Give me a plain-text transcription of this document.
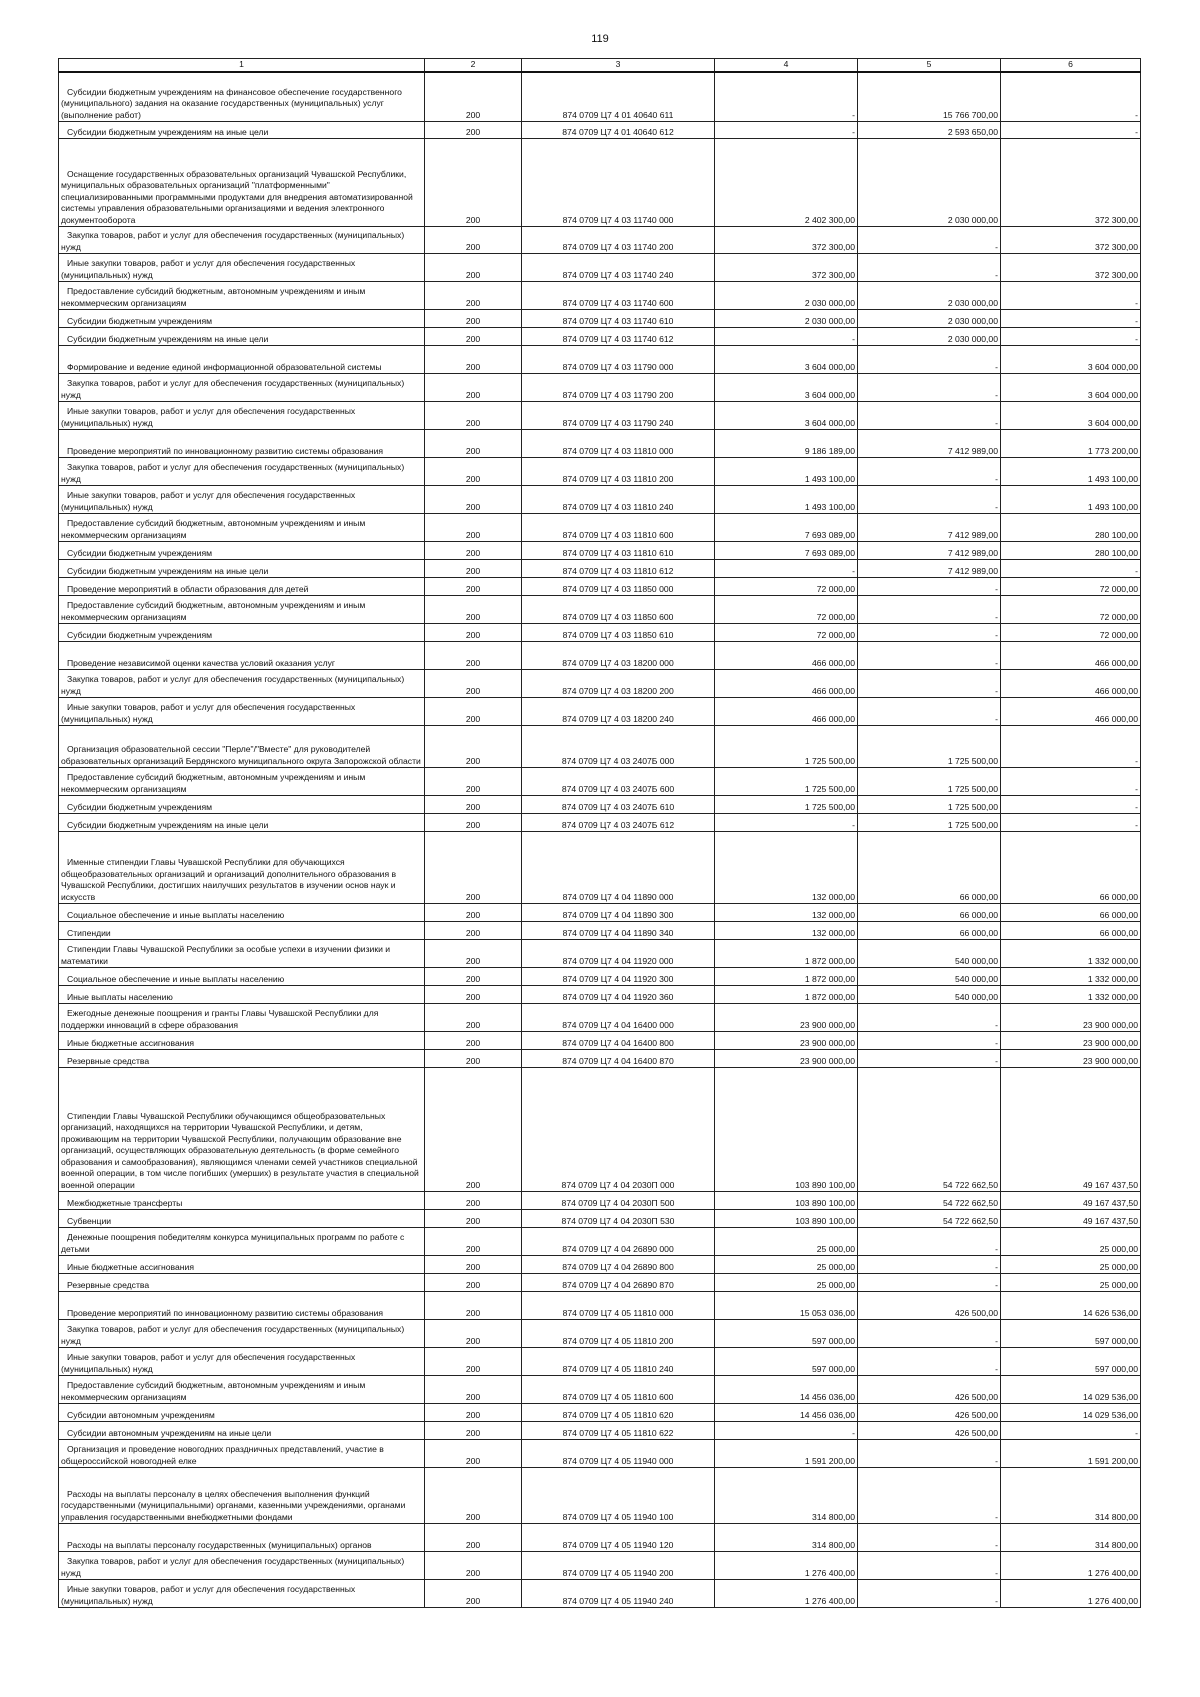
119
1	2	3	4	5	6

Субсидии бюджетным учреждениям на финансовое обеспечение государственного (муниципального) задания на оказание государственных (муниципальных) услуг (выполнение работ)	200	874 0709 Ц7 4 01 40640 611	-	15 766 700,00	-

Субсидии бюджетным учреждениям на иные цели	200	874 0709 Ц7 4 01 40640 612	-	2 593 650,00	-

Оснащение государственных образовательных организаций Чувашской Республики, муниципальных образовательных организаций "платформенными" специализированными программными продуктами для внедрения автоматизированной системы управления образовательными организациями и ведения электронного документооборота	200	874 0709 Ц7 4 03 11740 000	2 402 300,00	2 030 000,00	372 300,00

Закупка товаров, работ и услуг для обеспечения государственных (муниципальных) нужд	200	874 0709 Ц7 4 03 11740 200	372 300,00	-	372 300,00

Иные закупки товаров, работ и услуг для обеспечения государственных (муниципальных) нужд	200	874 0709 Ц7 4 03 11740 240	372 300,00	-	372 300,00

Предоставление субсидий бюджетным, автономным учреждениям и иным некоммерческим организациям	200	874 0709 Ц7 4 03 11740 600	2 030 000,00	2 030 000,00	-

Субсидии бюджетным учреждениям	200	874 0709 Ц7 4 03 11740 610	2 030 000,00	2 030 000,00	-

Субсидии бюджетным учреждениям на иные цели	200	874 0709 Ц7 4 03 11740 612	-	2 030 000,00	-

Формирование и ведение единой информационной образовательной системы	200	874 0709 Ц7 4 03 11790 000	3 604 000,00	-	3 604 000,00

Закупка товаров, работ и услуг для обеспечения государственных (муниципальных) нужд	200	874 0709 Ц7 4 03 11790 200	3 604 000,00	-	3 604 000,00

Иные закупки товаров, работ и услуг для обеспечения государственных (муниципальных) нужд	200	874 0709 Ц7 4 03 11790 240	3 604 000,00	-	3 604 000,00

Проведение мероприятий по инновационному развитию системы образования	200	874 0709 Ц7 4 03 11810 000	9 186 189,00	7 412 989,00	1 773 200,00

Закупка товаров, работ и услуг для обеспечения государственных (муниципальных) нужд	200	874 0709 Ц7 4 03 11810 200	1 493 100,00	-	1 493 100,00

Иные закупки товаров, работ и услуг для обеспечения государственных (муниципальных) нужд	200	874 0709 Ц7 4 03 11810 240	1 493 100,00	-	1 493 100,00

Предоставление субсидий бюджетным, автономным учреждениям и иным некоммерческим организациям	200	874 0709 Ц7 4 03 11810 600	7 693 089,00	7 412 989,00	280 100,00

Субсидии бюджетным учреждениям	200	874 0709 Ц7 4 03 11810 610	7 693 089,00	7 412 989,00	280 100,00

Субсидии бюджетным учреждениям на иные цели	200	874 0709 Ц7 4 03 11810 612	-	7 412 989,00	-

Проведение мероприятий в области образования для детей	200	874 0709 Ц7 4 03 11850 000	72 000,00	-	72 000,00

Предоставление субсидий бюджетным, автономным учреждениям и иным некоммерческим организациям	200	874 0709 Ц7 4 03 11850 600	72 000,00	-	72 000,00

Субсидии бюджетным учреждениям	200	874 0709 Ц7 4 03 11850 610	72 000,00	-	72 000,00

Проведение независимой оценки качества условий оказания услуг	200	874 0709 Ц7 4 03 18200 000	466 000,00	-	466 000,00

Закупка товаров, работ и услуг для обеспечения государственных (муниципальных) нужд	200	874 0709 Ц7 4 03 18200 200	466 000,00	-	466 000,00

Иные закупки товаров, работ и услуг для обеспечения государственных (муниципальных) нужд	200	874 0709 Ц7 4 03 18200 240	466 000,00	-	466 000,00

Организация образовательной сессии "Перле"/"Вместе" для руководителей образовательных организаций Бердянского муниципального округа Запорожской области	200	874 0709 Ц7 4 03 2407Б 000	1 725 500,00	1 725 500,00	-

Предоставление субсидий бюджетным, автономным учреждениям и иным некоммерческим организациям	200	874 0709 Ц7 4 03 2407Б 600	1 725 500,00	1 725 500,00	-

Субсидии бюджетным учреждениям	200	874 0709 Ц7 4 03 2407Б 610	1 725 500,00	1 725 500,00	-

Субсидии бюджетным учреждениям на иные цели	200	874 0709 Ц7 4 03 2407Б 612	-	1 725 500,00	-

Именные стипендии Главы Чувашской Республики для обучающихся общеобразовательных организаций и организаций дополнительного образования в Чувашской Республики, достигших наилучших результатов в изучении основ наук и искусств	200	874 0709 Ц7 4 04 11890 000	132 000,00	66 000,00	66 000,00

Социальное обеспечение и иные выплаты населению	200	874 0709 Ц7 4 04 11890 300	132 000,00	66 000,00	66 000,00

Стипендии	200	874 0709 Ц7 4 04 11890 340	132 000,00	66 000,00	66 000,00

Стипендии Главы Чувашской Республики за особые успехи в изучении физики и математики	200	874 0709 Ц7 4 04 11920 000	1 872 000,00	540 000,00	1 332 000,00

Социальное обеспечение и иные выплаты населению	200	874 0709 Ц7 4 04 11920 300	1 872 000,00	540 000,00	1 332 000,00

Иные выплаты населению	200	874 0709 Ц7 4 04 11920 360	1 872 000,00	540 000,00	1 332 000,00

Ежегодные денежные поощрения и гранты Главы Чувашской Республики для поддержки инноваций в сфере образования	200	874 0709 Ц7 4 04 16400 000	23 900 000,00	-	23 900 000,00

Иные бюджетные ассигнования	200	874 0709 Ц7 4 04 16400 800	23 900 000,00	-	23 900 000,00

Резервные средства	200	874 0709 Ц7 4 04 16400 870	23 900 000,00	-	23 900 000,00

Стипендии Главы Чувашской Республики обучающимся общеобразовательных организаций, находящихся на территории Чувашской Республики, и детям, проживающим на территории Чувашской Республики, получающим образование вне организаций, осуществляющих образовательную деятельность (в форме семейного образования и самообразования), являющимся членами семей участников специальной военной операции, в том числе погибших (умерших) в результате участия в специальной военной операции	200	874 0709 Ц7 4 04 2030П 000	103 890 100,00	54 722 662,50	49 167 437,50

Межбюджетные трансферты	200	874 0709 Ц7 4 04 2030П 500	103 890 100,00	54 722 662,50	49 167 437,50

Субвенции	200	874 0709 Ц7 4 04 2030П 530	103 890 100,00	54 722 662,50	49 167 437,50

Денежные поощрения победителям конкурса муниципальных программ по работе с детьми	200	874 0709 Ц7 4 04 26890 000	25 000,00	-	25 000,00

Иные бюджетные ассигнования	200	874 0709 Ц7 4 04 26890 800	25 000,00	-	25 000,00

Резервные средства	200	874 0709 Ц7 4 04 26890 870	25 000,00	-	25 000,00

Проведение мероприятий по инновационному развитию системы образования	200	874 0709 Ц7 4 05 11810 000	15 053 036,00	426 500,00	14 626 536,00

Закупка товаров, работ и услуг для обеспечения государственных (муниципальных) нужд	200	874 0709 Ц7 4 05 11810 200	597 000,00	-	597 000,00

Иные закупки товаров, работ и услуг для обеспечения государственных (муниципальных) нужд	200	874 0709 Ц7 4 05 11810 240	597 000,00	-	597 000,00

Предоставление субсидий бюджетным, автономным учреждениям и иным некоммерческим организациям	200	874 0709 Ц7 4 05 11810 600	14 456 036,00	426 500,00	14 029 536,00

Субсидии автономным учреждениям	200	874 0709 Ц7 4 05 11810 620	14 456 036,00	426 500,00	14 029 536,00

Субсидии автономным учреждениям на иные цели	200	874 0709 Ц7 4 05 11810 622	-	426 500,00	-

Организация и проведение новогодних праздничных представлений, участие в общероссийской новогодней елке	200	874 0709 Ц7 4 05 11940 000	1 591 200,00	-	1 591 200,00

Расходы на выплаты персоналу в целях обеспечения выполнения функций государственными (муниципальными) органами, казенными учреждениями, органами управления государственными внебюджетными фондами	200	874 0709 Ц7 4 05 11940 100	314 800,00	-	314 800,00

Расходы на выплаты персоналу государственных (муниципальных) органов	200	874 0709 Ц7 4 05 11940 120	314 800,00	-	314 800,00

Закупка товаров, работ и услуг для обеспечения государственных (муниципальных) нужд	200	874 0709 Ц7 4 05 11940 200	1 276 400,00	-	1 276 400,00

Иные закупки товаров, работ и услуг для обеспечения государственных (муниципальных) нужд	200	874 0709 Ц7 4 05 11940 240	1 276 400,00	-	1 276 400,00
